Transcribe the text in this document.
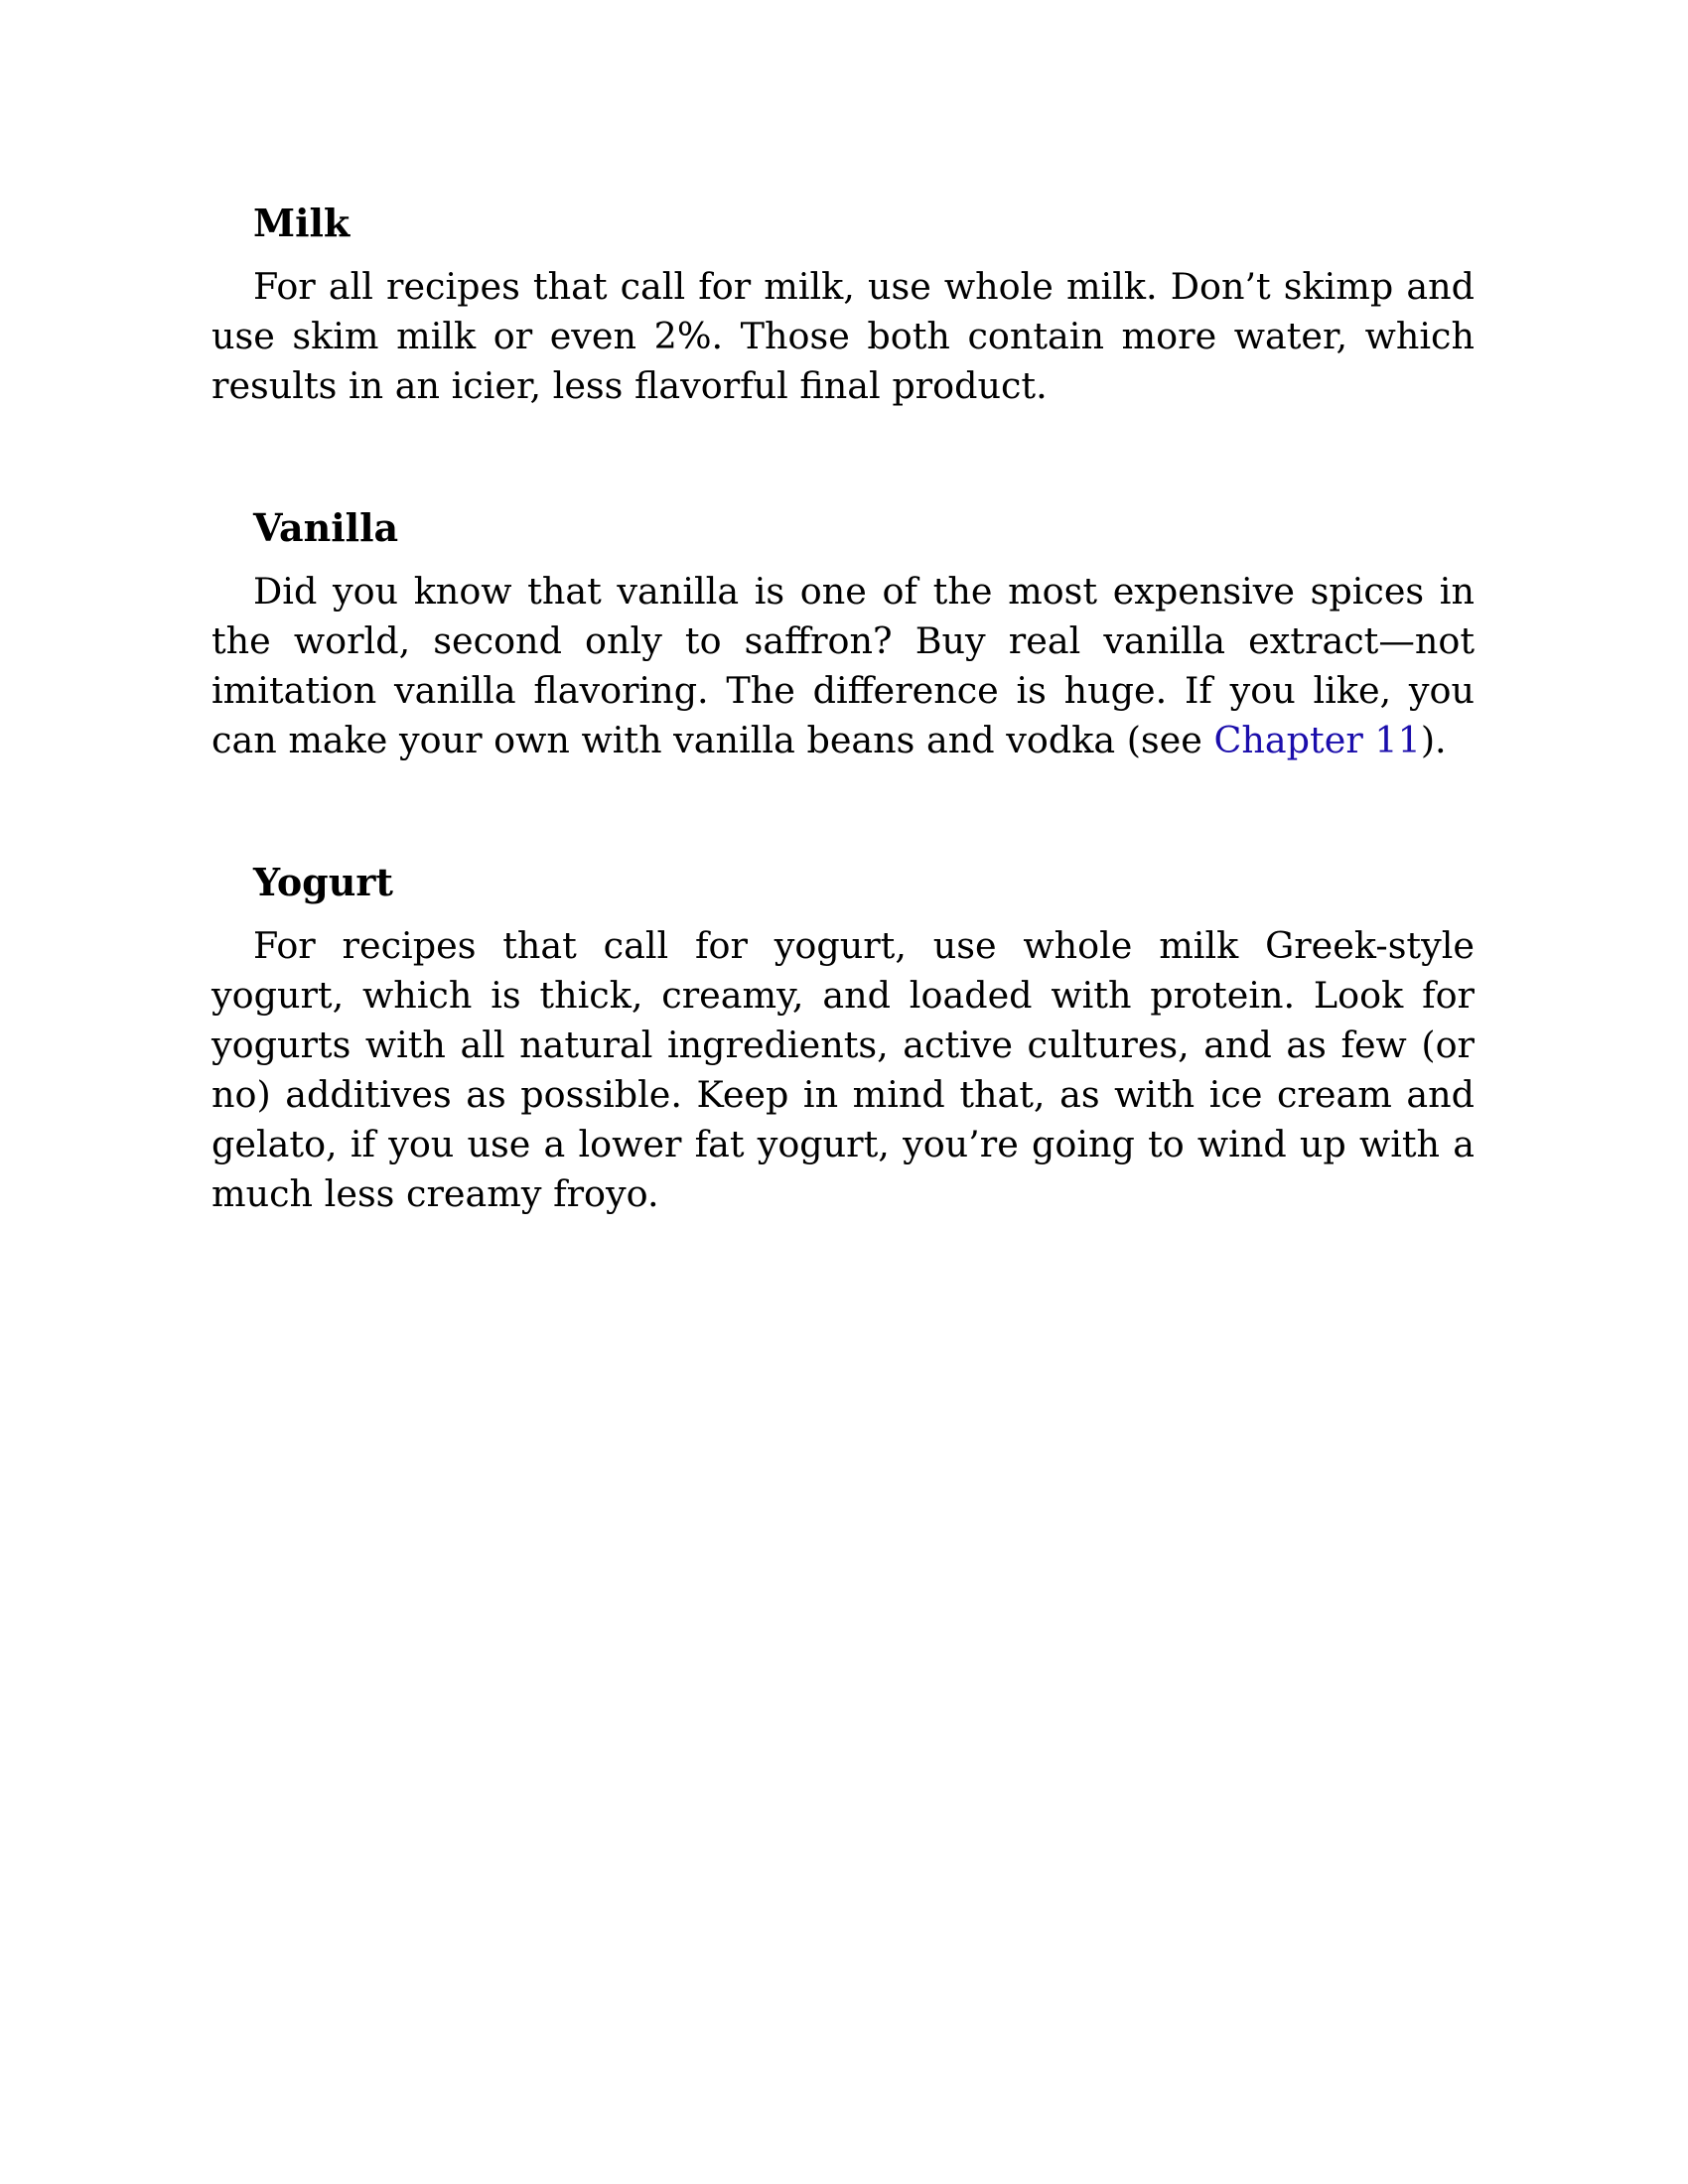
Milk

For all recipes that call for milk, use whole milk. Don’t skimp and use skim milk or even 2%. Those both contain more water, which results in an icier, less flavorful final product.

Vanilla

Did you know that vanilla is one of the most expensive spices in the world, second only to saffron? Buy real vanilla extract—not imitation vanilla flavoring. The difference is huge. If you like, you can make your own with vanilla beans and vodka (see Chapter 11).

Yogurt

For recipes that call for yogurt, use whole milk Greek-style yogurt, which is thick, creamy, and loaded with protein. Look for yogurts with all natural ingredients, active cultures, and as few (or no) additives as possible. Keep in mind that, as with ice cream and gelato, if you use a lower fat yogurt, you’re going to wind up with a much less creamy froyo.
